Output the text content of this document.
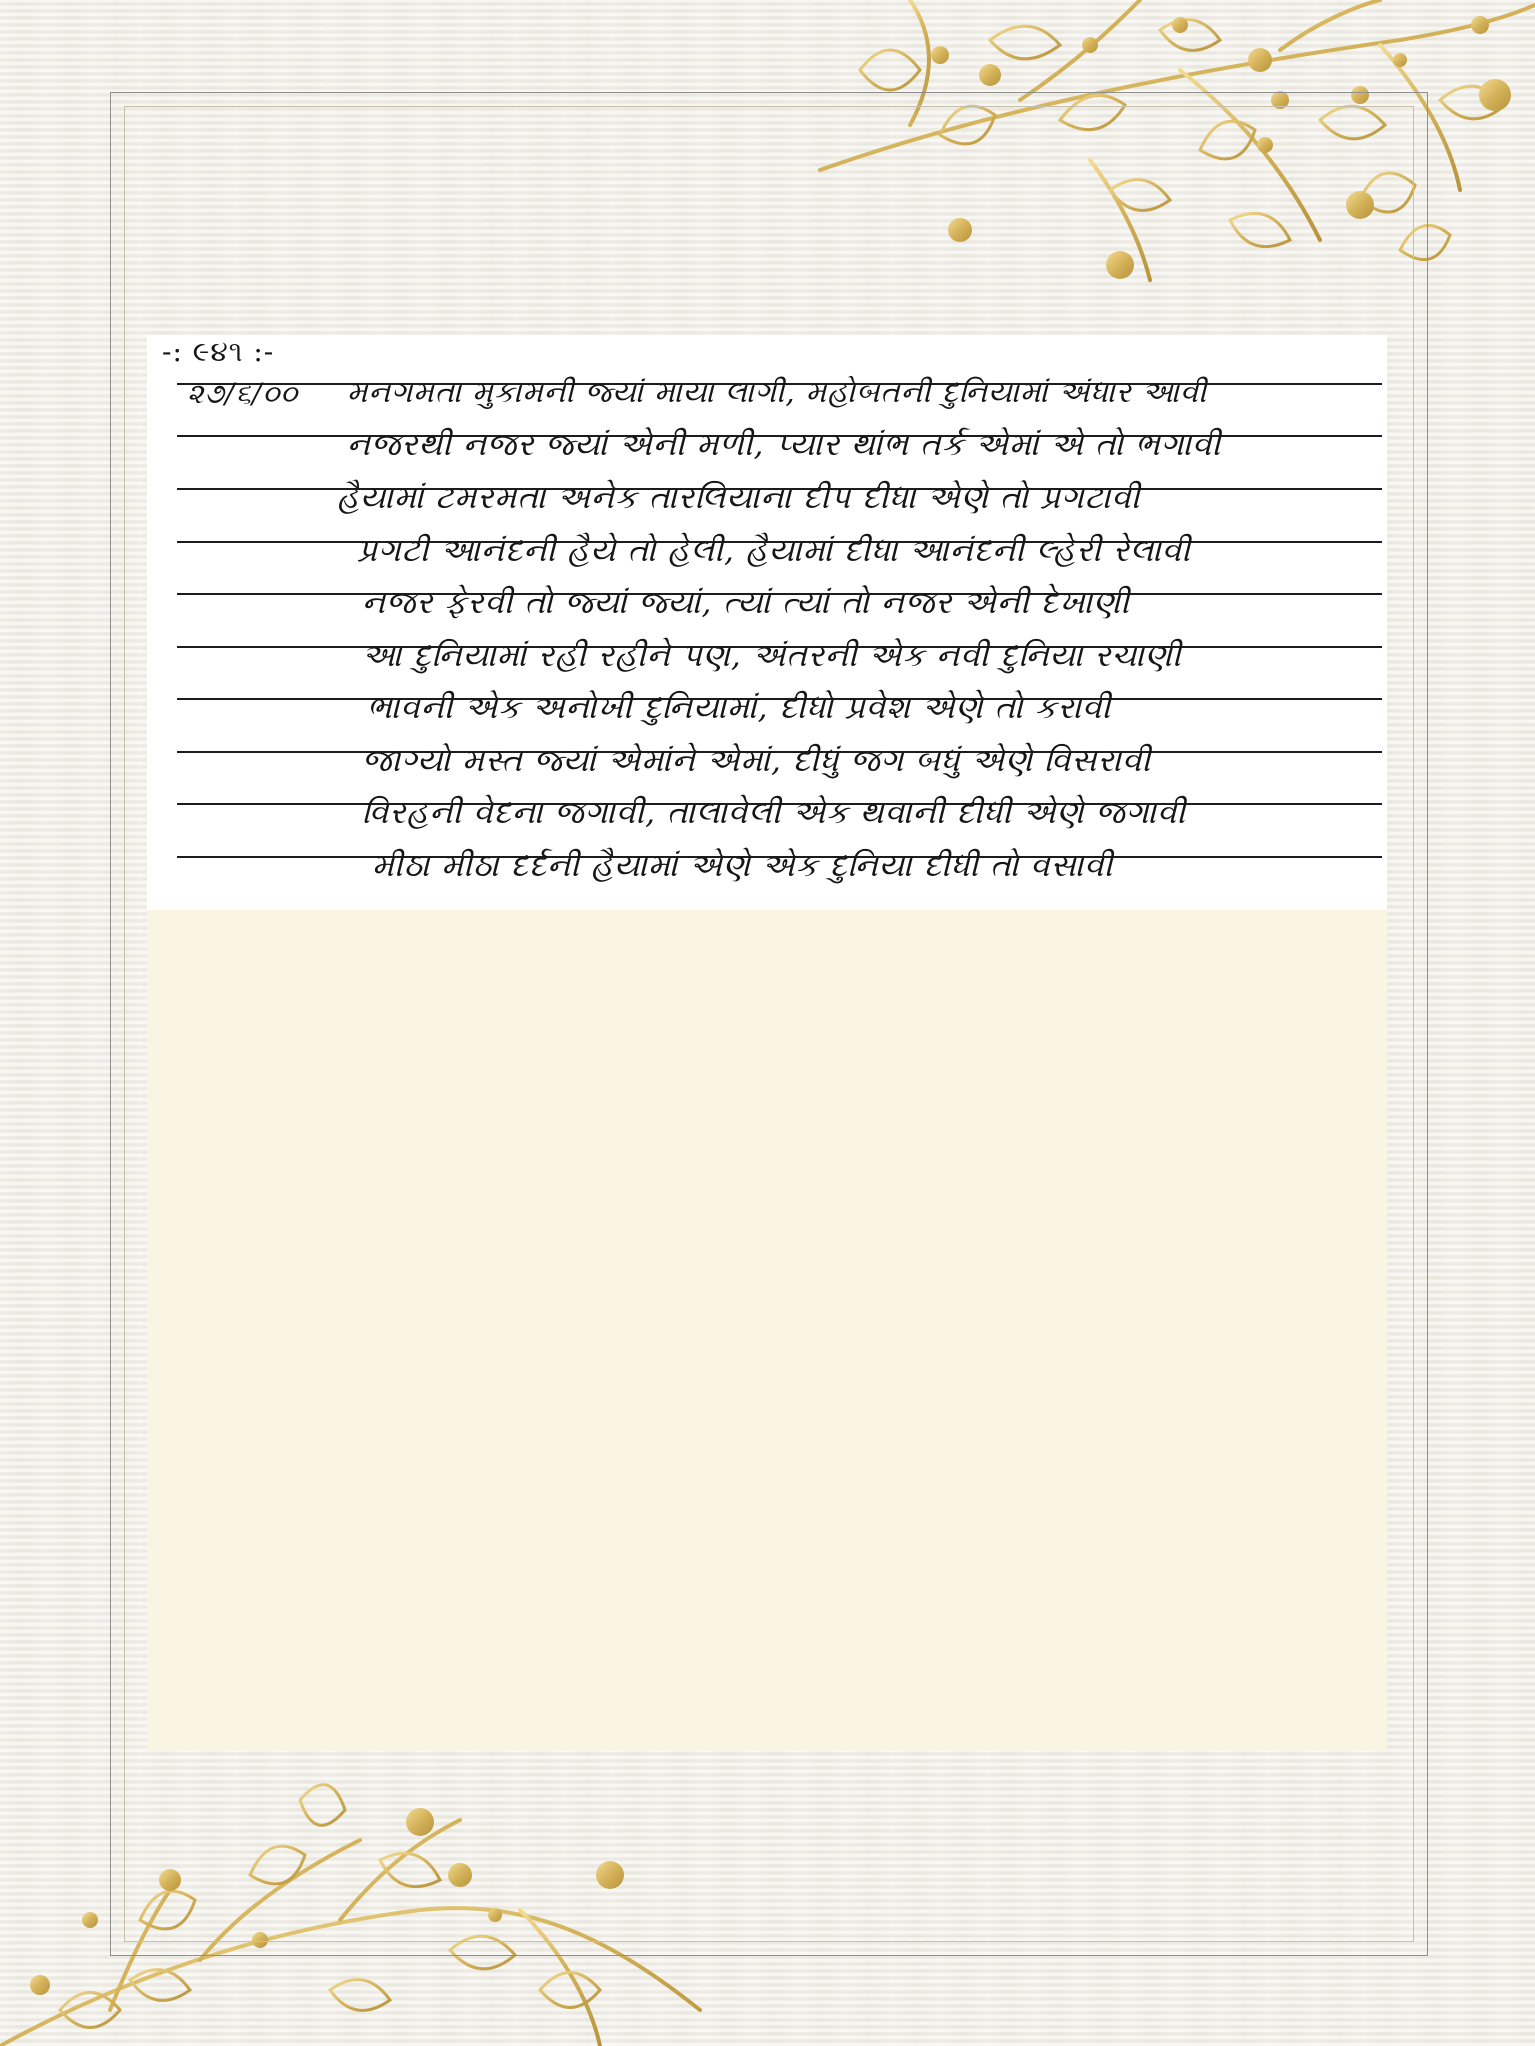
-: ૯૪૧ :-
૨૭/૬/૦૦ મનગમતા મુકામની જ્યાં માયા લાગી, મહોબતની દુનિયામાં અંધાર આવી
નજરથી નજર જ્યાં એની મળી, પ્યાર થાંભ તર્ક એમાં એ તો ભગાવી
હૈયામાં ટમરમતા અનેક તારલિયાના દીપ દીધા એણે તો પ્રગટાવી
પ્રગટી આનંદની હૈયે તો હેલી, હૈયામાં દીધા આનંદની લ્હેરી રેલાવી
નજર ફેરવી તો જ્યાં જ્યાં, ત્યાં ત્યાં તો નજર એની દેખાણી
આ દુનિયામાં રહી રહીને પણ, અંતરની એક નવી દુનિયા રચાણી
ભાવની એક અનોખી દુનિયામાં, દીધો પ્રવેશ એણે તો કરાવી
જાગ્યો મસ્ત જ્યાં એમાંને એમાં, દીધું જગ બધું એણે વિસરાવી
વિરહની વેદના જગાવી, તાલાવેલી એક થવાની દીધી એણે જગાવી
મીઠા મીઠા દર્દની હૈયામાં એણે એક દુનિયા દીધી તો વસાવી
